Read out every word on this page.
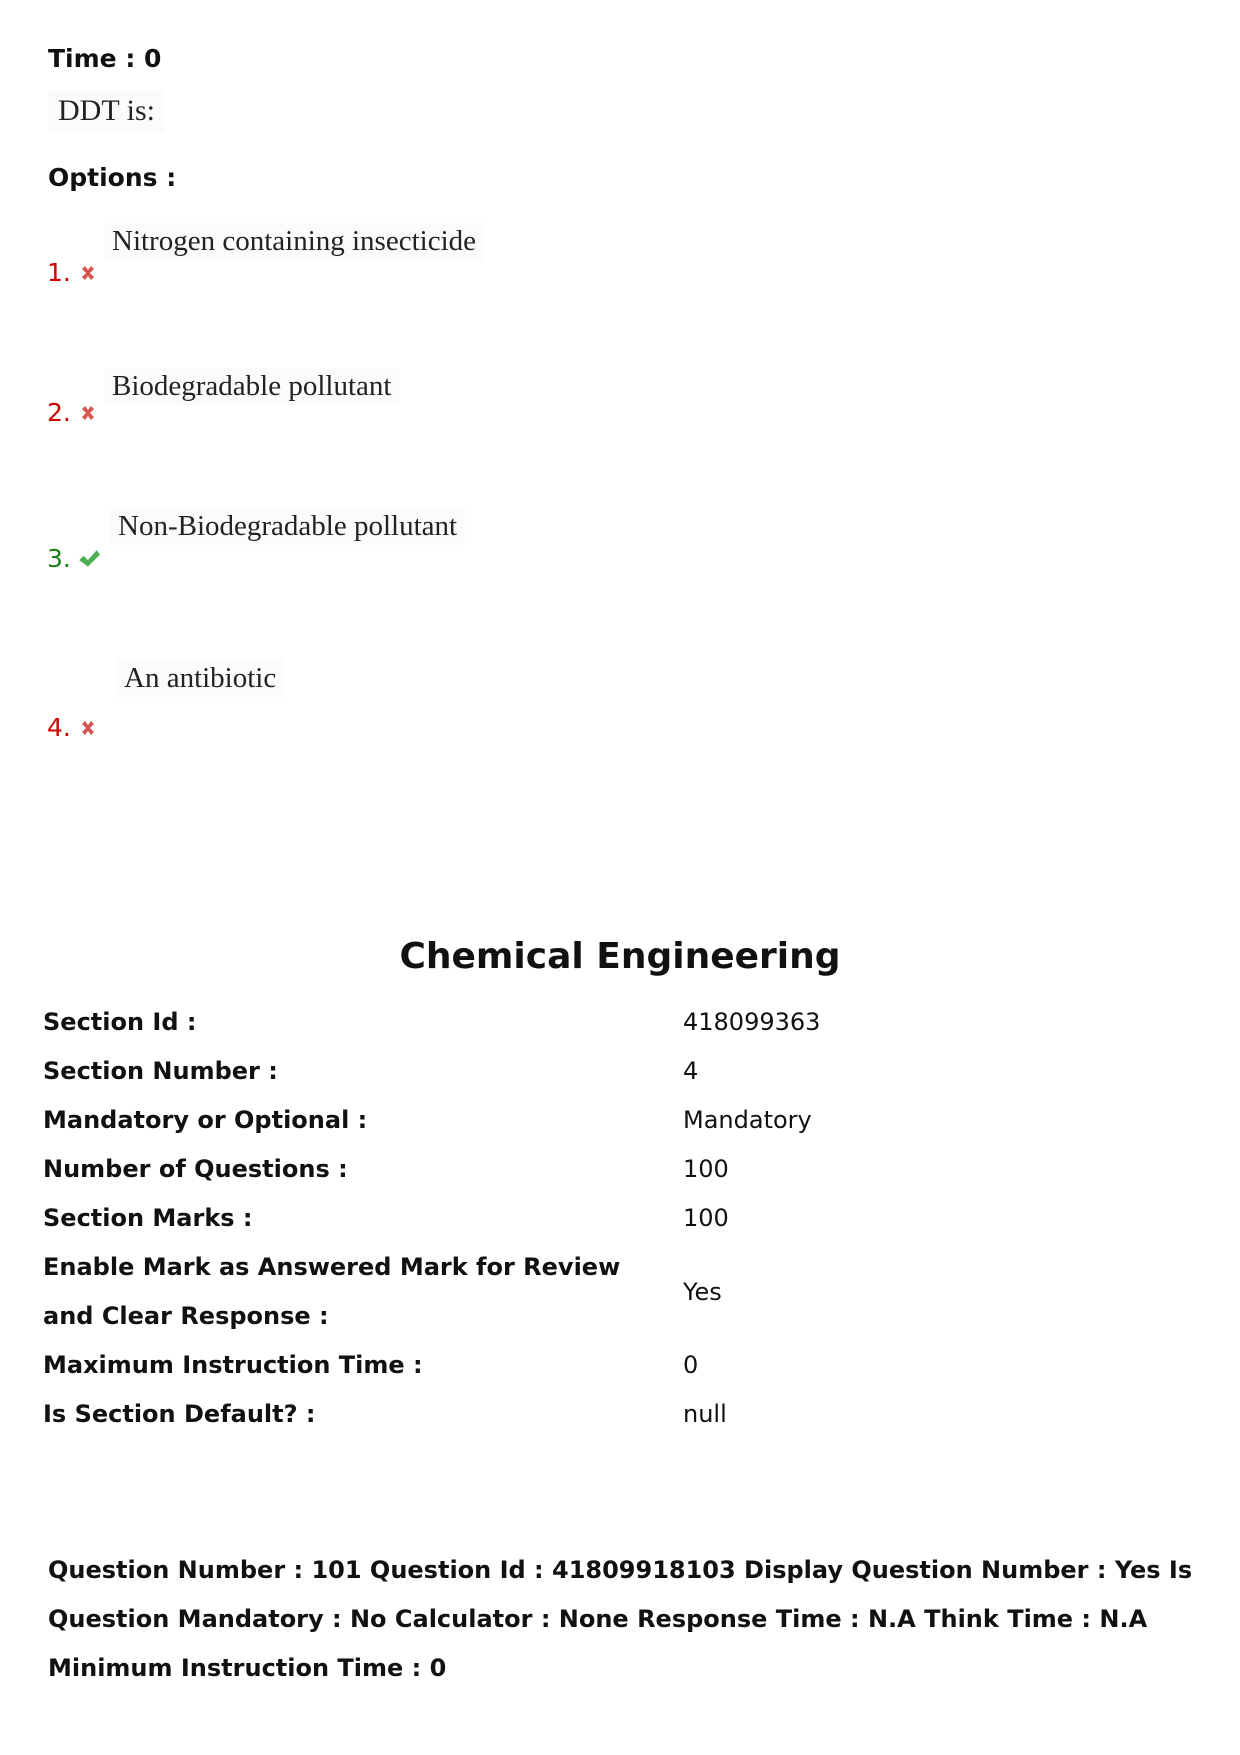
Time : 0
DDT is:
Options :
1.
Nitrogen containing insecticide
2.
Biodegradable pollutant
3.
Non-Biodegradable pollutant
4.
An antibiotic
Chemical Engineering
Section Id :	418099363
Section Number :	4
Mandatory or Optional :	Mandatory
Number of Questions :	100
Section Marks :	100
Enable Mark as Answered Mark for Review and Clear Response :
Yes
Maximum Instruction Time :	0
Is Section Default? :	null
Question Number : 101 Question Id : 41809918103 Display Question Number : Yes Is Question Mandatory : No Calculator : None Response Time : N.A Think Time : N.A Minimum Instruction Time : 0
